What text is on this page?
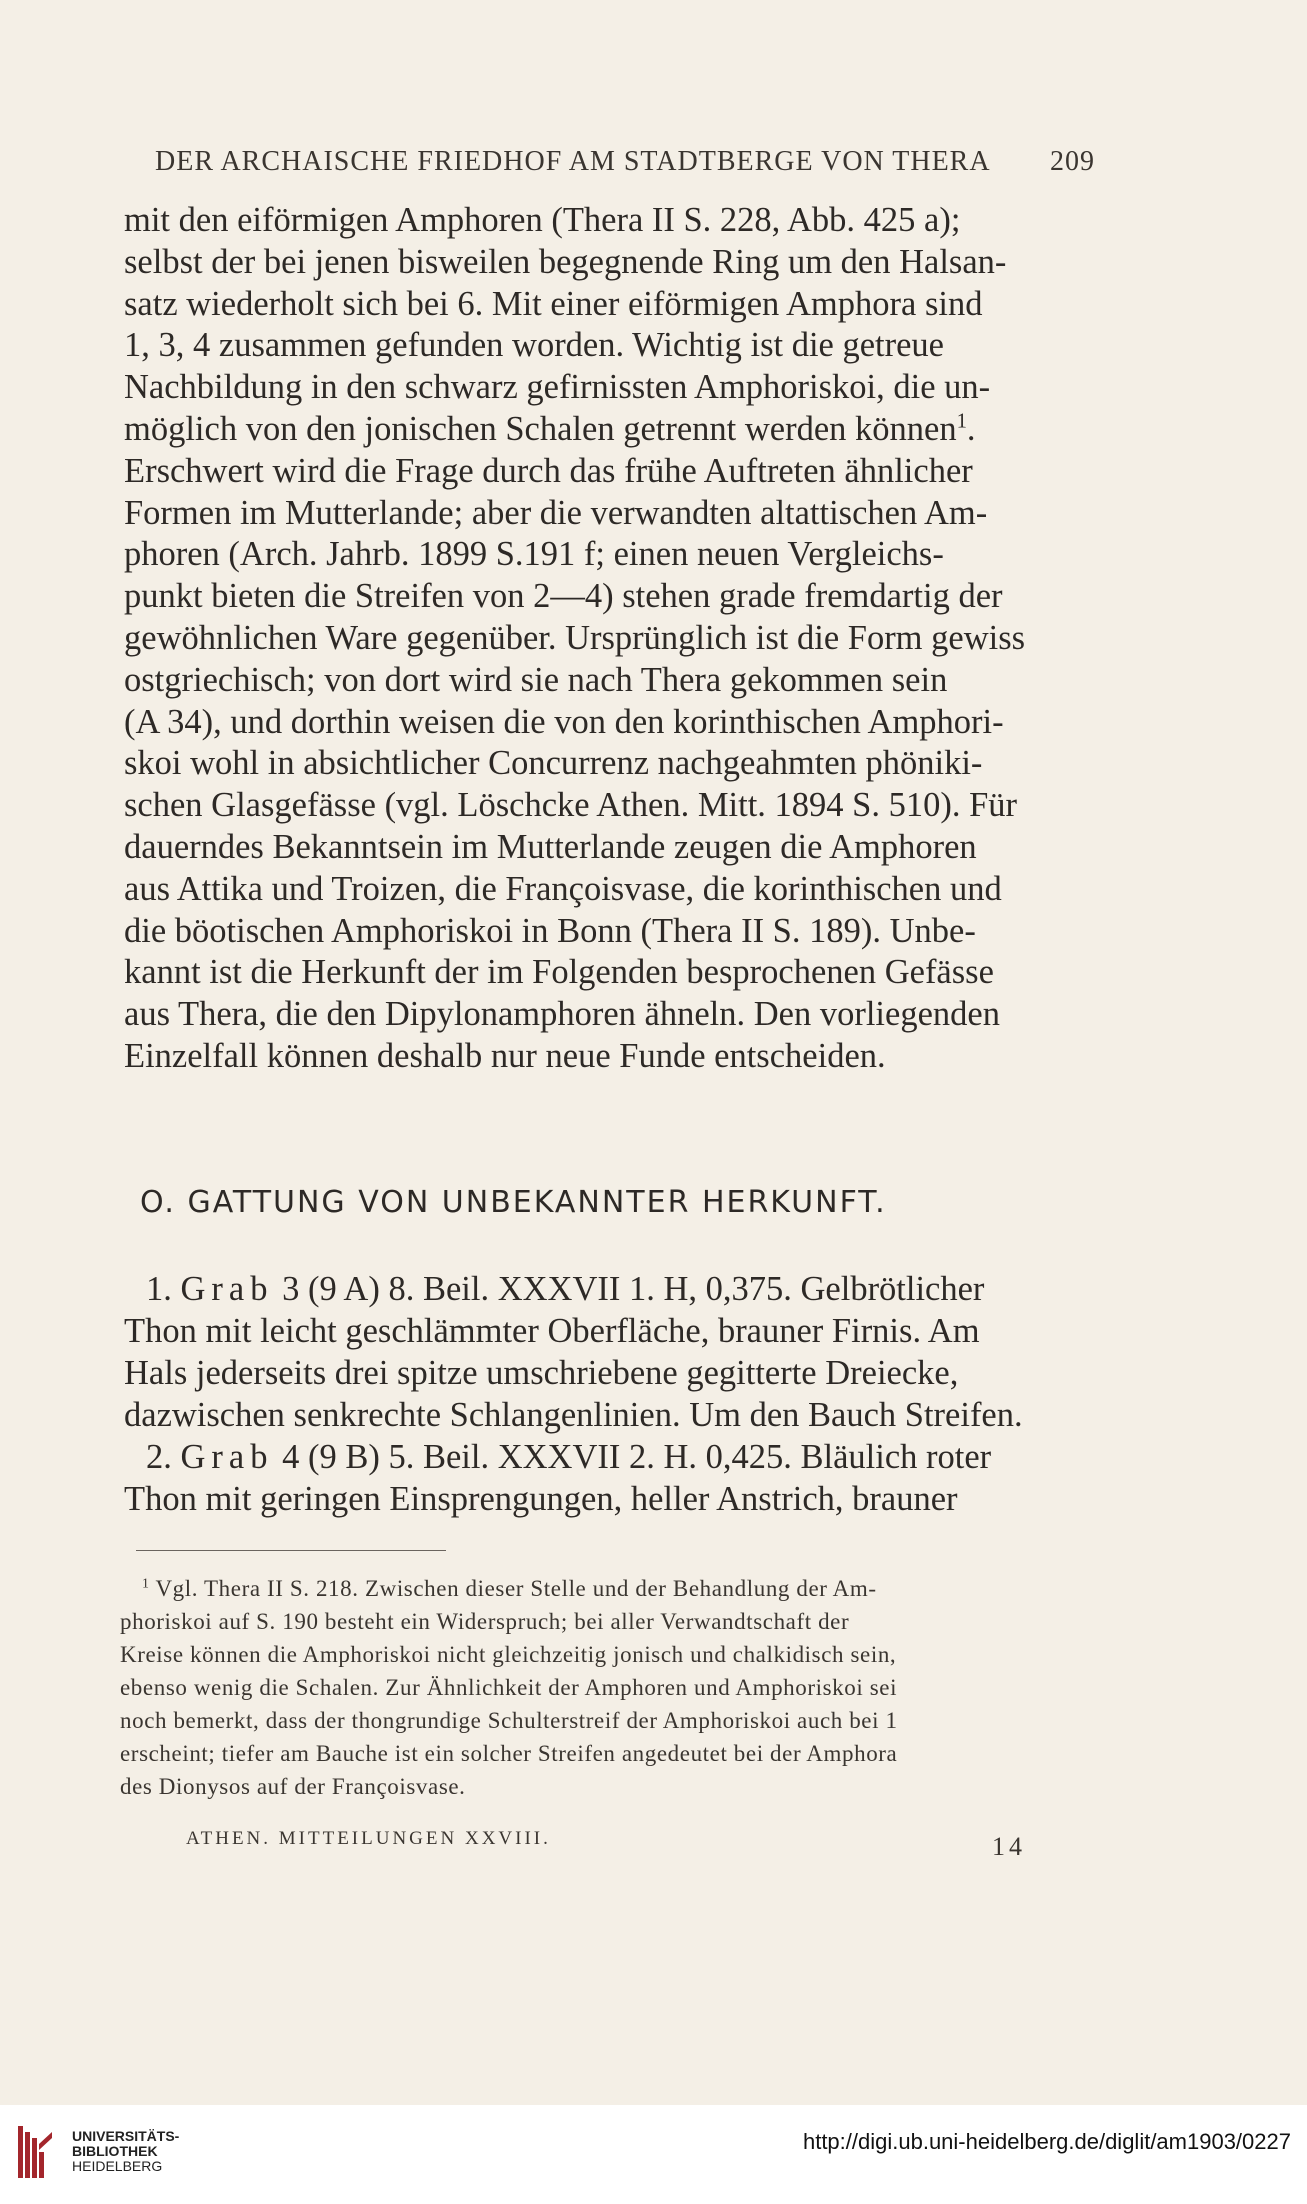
DER ARCHAISCHE FRIEDHOF AM STADTBERGE VON THERA 209

mit den eiförmigen Amphoren (Thera II S. 228, Abb. 425 a);

selbst der bei jenen bisweilen begegnende Ring um den Halsan-

satz wiederholt sich bei 6. Mit einer eiförmigen Amphora sind

1, 3, 4 zusammen gefunden worden. Wichtig ist die getreue

Nachbildung in den schwarz gefirnissten Amphoriskoi, die un-

möglich von den jonischen Schalen getrennt werden können$^1$.

Erschwert wird die Frage durch das frühe Auftreten ähnlicher

Formen im Mutterlande; aber die verwandten altattischen Am-

phoren (Arch. Jahrb. 1899 S.191 f; einen neuen Vergleichs-

punkt bieten die Streifen von 2—4) stehen grade fremdartig der

gewöhnlichen Ware gegenüber. Ursprünglich ist die Form gewiss

ostgriechisch; von dort wird sie nach Thera gekommen sein

(A 34), und dorthin weisen die von den korinthischen Amphori-

skoi wohl in absichtlicher Concurrenz nachgeahmten phöniki-

schen Glasgefässe (vgl. Löschcke Athen. Mitt. 1894 S. 510). Für

dauerndes Bekanntsein im Mutterlande zeugen die Amphoren

aus Attika und Troizen, die Françoisvase, die korinthischen und

die böotischen Amphoriskoi in Bonn (Thera II S. 189). Unbe-

kannt ist die Herkunft der im Folgenden besprochenen Gefässe

aus Thera, die den Dipylonamphoren ähneln. Den vorliegenden

Einzelfall können deshalb nur neue Funde entscheiden.

O. GATTUNG VON UNBEKANNTER HERKUNFT.

1. Grab 3 (9 A) 8. Beil. XXXVII 1. H, 0,375. Gelbrötlicher

Thon mit leicht geschlämmter Oberfläche, brauner Firnis. Am

Hals jederseits drei spitze umschriebene gegitterte Dreiecke,

dazwischen senkrechte Schlangenlinien. Um den Bauch Streifen.

2. Grab 4 (9 B) 5. Beil. XXXVII 2. H. 0,425. Bläulich roter

Thon mit geringen Einsprengungen, heller Anstrich, brauner

$^1$ Vgl. Thera II S. 218. Zwischen dieser Stelle und der Behandlung der Am-

phoriskoi auf S. 190 besteht ein Widerspruch; bei aller Verwandtschaft der

Kreise können die Amphoriskoi nicht gleichzeitig jonisch und chalkidisch sein,

ebenso wenig die Schalen. Zur Ähnlichkeit der Amphoren und Amphoriskoi sei

noch bemerkt, dass der thongrundige Schulterstreif der Amphoriskoi auch bei 1

erscheint; tiefer am Bauche ist ein solcher Streifen angedeutet bei der Amphora

des Dionysos auf der Françoisvase.

ATHEN. MITTEILUNGEN XXVIII.	14
UNIVERSITÄTS-
BIBLIOTHEK
HEIDELBERG
http://digi.ub.uni-heidelberg.de/diglit/am1903/0227
